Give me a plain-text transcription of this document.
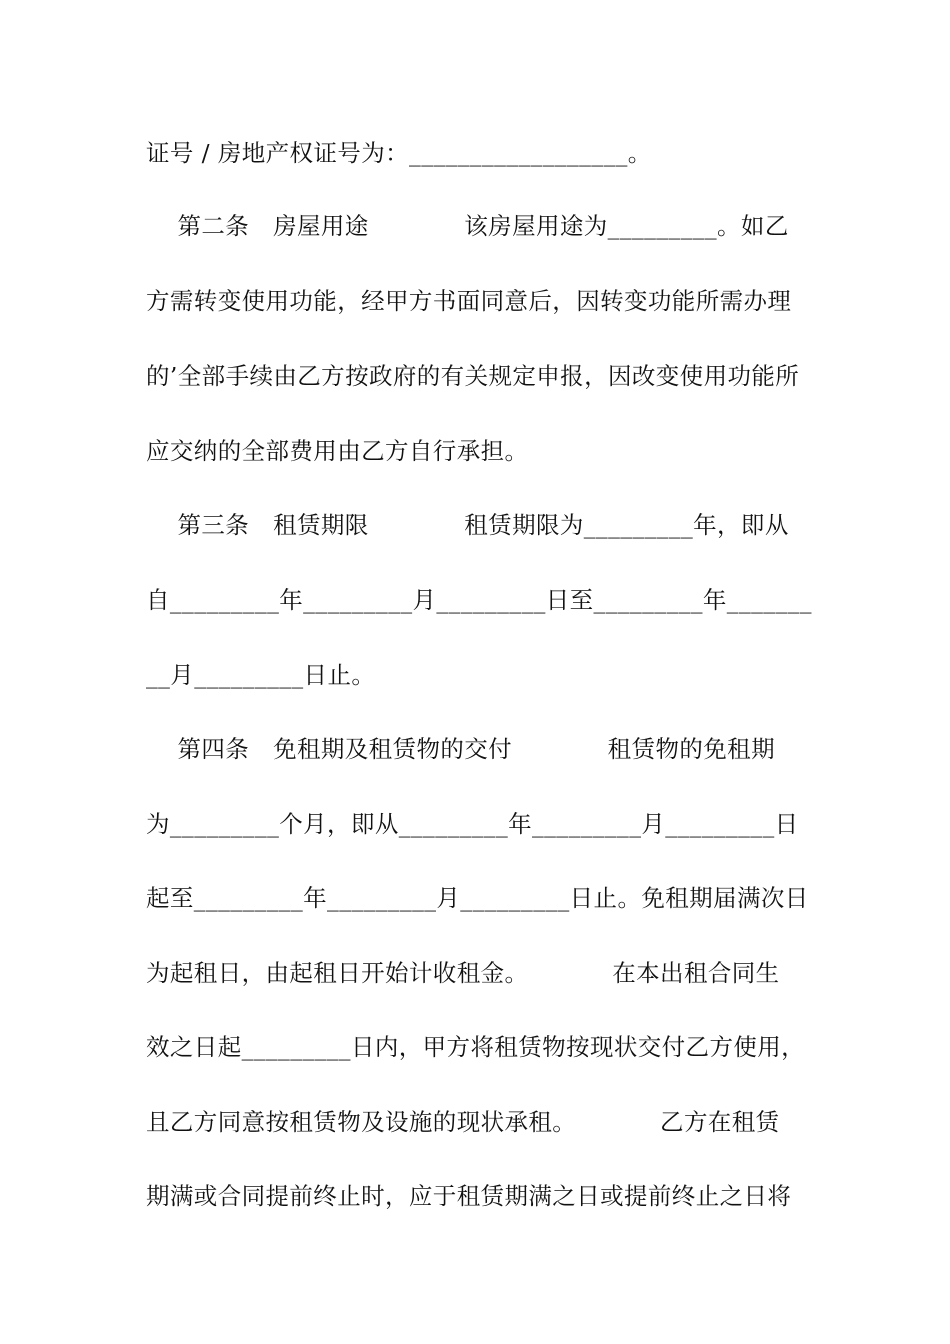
证号 / 房地产权证号为：__________________。
第二条　房屋用途　　　　该房屋用途为_________。如乙
方需转变使用功能，经甲方书面同意后，因转变功能所需办理
的’全部手续由乙方按政府的有关规定申报，因改变使用功能所
应交纳的全部费用由乙方自行承担。
第三条　租赁期限　　　　租赁期限为_________年，即从
自_________年_________月_________日至_________年_______
__月_________日止。
第四条　免租期及租赁物的交付　　　　租赁物的免租期
为_________个月，即从_________年_________月_________日
起至_________年_________月_________日止。免租期届满次日
为起租日，由起租日开始计收租金。　　　　在本出租合同生
效之日起_________日内，甲方将租赁物按现状交付乙方使用，
且乙方同意按租赁物及设施的现状承租。　　　　乙方在租赁
期满或合同提前终止时，应于租赁期满之日或提前终止之日将
